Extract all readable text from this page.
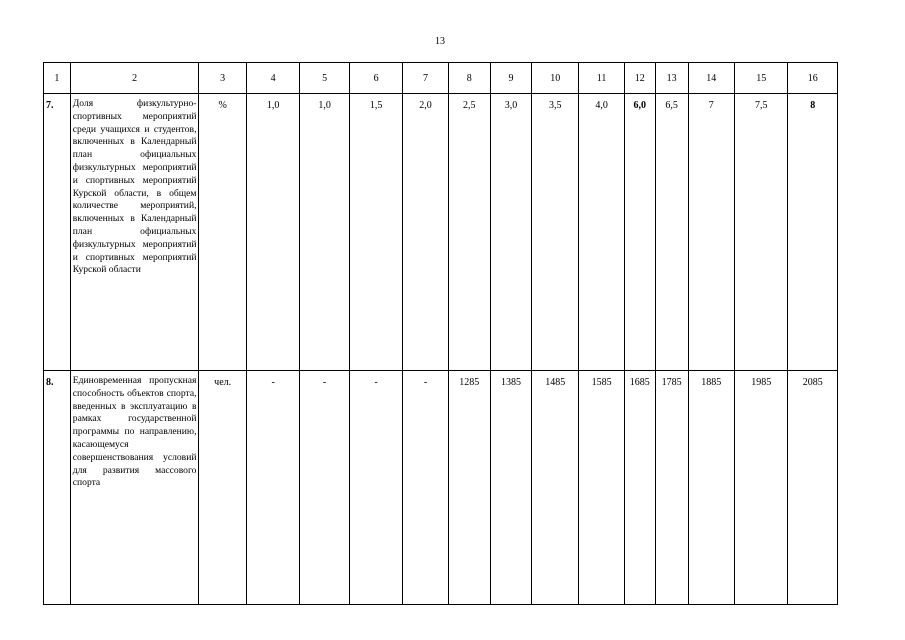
13
1	2	3	4	5	6	7	8	9	10	11	12	13	14	15	16
7.	Доля физкультурно-спортивных мероприятий среди учащихся и студентов, включенных в Календарный план официальных физкультурных мероприятий и спортивных мероприятий Курской области, в общем количестве мероприятий, включенных в Календарный план официальных физкультурных мероприятий и спортивных мероприятий Курской области	%	1,0	1,0	1,5	2,0	2,5	3,0	3,5	4,0	6,0	6,5	7	7,5	8
8.	Единовременная пропускная способность объектов спорта, введенных в эксплуатацию в рамках государственной программы по направлению, касающемуся совершенствования условий для развития массового спорта	чел.	-	-	-	-	1285	1385	1485	1585	1685	1785	1885	1985	2085
